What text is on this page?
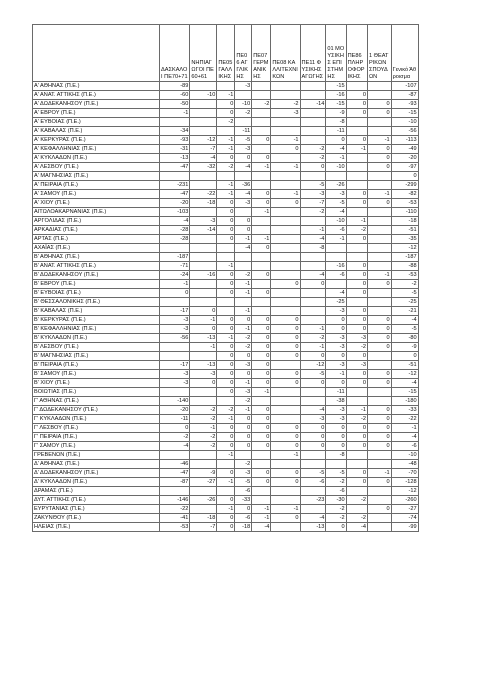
	ΔΑΣΚΑΛΟΙ ΠΕ70+71	ΝΗΠΙΑΓΩΓΟΙ ΠΕ60+61	ΠΕ05 ΓΑΛΛΙΚΗΣ	ΠΕ06 ΑΓΓΛΙΚΗΣ	ΠΕ07 ΓΕΡΜΑΝΙΚΗΣ	ΠΕ08 ΚΑΛΛΙΤΕΧΝΙΚΩΝ	ΠΕ11 ΦΥΣΙΚΗΣ ΑΓΩΓΗΣ	01 ΜΟΥΣΙΚΗΣ ΕΠΙΣΤΗΜΗΣ	ΠΕ86 ΠΛΗΡΟΦΟΡΙΚΗΣ	1 ΘΕΑΤΡΙΚΩΝ ΣΠΟΥΔΩΝ	Γενικό Άθροισμα
Α' ΑΘΗΝΑΣ (Π.Ε.)	-89			-3				-15			-107
Α' ΑΝΑΤ. ΑΤΤΙΚΗΣ (Π.Ε.)	-60	-10	-1					-16	0		-87
Α' ΔΩΔΕΚΑΝΗΣΟΥ (Π.Ε.)	-50		0	-10	-2	-2	-14	-15	0	0	-93
Α' ΕΒΡΟΥ (Π.Ε.)	-1		0	-2		-3		-9	0	0	-15
Α' ΕΥΒΟΙΑΣ (Π.Ε.)			-2					-8			-10
Α' ΚΑΒΑΛΑΣ (Π.Ε.)	-34			-11				-11			-56
Α' ΚΕΡΚΥΡΑΣ (Π.Ε.)	-93	-12	-1	-5	0	-1		0	0	-1	-113
Α' ΚΕΦΑΛΛΗΝΙΑΣ (Π.Ε.)	-31	-7	-1	-3		0	-2	-4	-1	0	-49
Α' ΚΥΚΛΑΔΩΝ (Π.Ε.)	-13	-4	0	0	0		-2	-1		0	-20
Α' ΛΕΣΒΟΥ (Π.Ε.)	-47	-32	-2	-4	-1	-1	0	-10		0	-97
Α' ΜΑΓΝΗΣΙΑΣ (Π.Ε.)											0
Α' ΠΕΙΡΑΙΑ (Π.Ε.)	-231		-1	-36			-5	-26			-299
Α' ΣΑΜΟΥ (Π.Ε.)	-47	-22	-1	-4	0	-1	-3	-3	0	-1	-82
Α' ΧΙΟΥ (Π.Ε.)	-20	-18	0	-3	0	0	-7	-5	0	0	-53
ΑΙΤΩΛΟΑΚΑΡΝΑΝΙΑΣ (Π.Ε.)	-103		0		-1		-2	-4			-110
ΑΡΓΟΛΙΔΑΣ (Π.Ε.)	-4	-3	0	0				-10	-1		-18
ΑΡΚΑΔΙΑΣ (Π.Ε.)	-28	-14	0	0			-1	-6	-2		-51
ΑΡΤΑΣ (Π.Ε.)	-28		0	-1	-1		-4	-1	0		-35
ΑΧΑΪΑΣ (Π.Ε.)				-4	0		-8				-12
Β' ΑΘΗΝΑΣ (Π.Ε.)	-187										-187
Β' ΑΝΑΤ. ΑΤΤΙΚΗΣ (Π.Ε.)	-71		-1					-16	0		-88
Β' ΔΩΔΕΚΑΝΗΣΟΥ (Π.Ε.)	-24	-16	0	-2	0		-4	-6	0	-1	-53
Β' ΕΒΡΟΥ (Π.Ε.)	-1		0	-1		0	0		0	0	-2
Β' ΕΥΒΟΙΑΣ (Π.Ε.)	0		0	-1	0			-4	0		-5
Β' ΘΕΣΣΑΛΟΝΙΚΗΣ (Π.Ε.)								-25			-25
Β' ΚΑΒΑΛΑΣ (Π.Ε.)	-17	0		-1				-3	0		-21
Β' ΚΕΡΚΥΡΑΣ (Π.Ε.)	-3	-1	0	0	0	0		0	0	0	-4
Β' ΚΕΦΑΛΛΗΝΙΑΣ (Π.Ε.)	-3	0	0	-1	0	0	-1	0	0	0	-5
Β' ΚΥΚΛΑΔΩΝ (Π.Ε.)	-56	-13	-1	-2	0	0	-2	-3	-3	0	-80
Β' ΛΕΣΒΟΥ (Π.Ε.)		-1	0	-2	0	0	-1	-3	-2	0	-9
Β' ΜΑΓΝΗΣΙΑΣ (Π.Ε.)			0	0	0	0	0	0	0		0
Β' ΠΕΙΡΑΙΑ (Π.Ε.)	-17	-13	0	-3	0		-12	-3	-3		-51
Β' ΣΑΜΟΥ (Π.Ε.)	-3	-3	0	0	0	0	-5	-1	0	0	-12
Β' ΧΙΟΥ (Π.Ε.)	-3	0	0	-1	0	0	0	0	0	0	-4
ΒΟΙΩΤΙΑΣ (Π.Ε.)			0	-3	-1			-11			-15
Γ' ΑΘΗΝΑΣ (Π.Ε.)	-140			-2				-38			-180
Γ' ΔΩΔΕΚΑΝΗΣΟΥ (Π.Ε.)	-20	-2	-2	-1	0		-4	-3	-1	0	-33
Γ' ΚΥΚΛΑΔΩΝ (Π.Ε.)	-11	-2	-1	0	0		-3	-3	-2	0	-22
Γ' ΛΕΣΒΟΥ (Π.Ε.)	0	-1	0	0	0	0	0	0	0	0	-1
Γ' ΠΕΙΡΑΙΑ (Π.Ε.)	-2	-2	0	0	0	0	0	0	0	0	-4
Γ' ΣΑΜΟΥ (Π.Ε.)	-4	-2	0	0	0	0	0	0	0	0	-6
ΓΡΕΒΕΝΩΝ (Π.Ε.)			-1			-1		-8			-10
Δ' ΑΘΗΝΑΣ (Π.Ε.)	-46			-2							-48
Δ' ΔΩΔΕΚΑΝΗΣΟΥ (Π.Ε.)	-47	-9	0	-3	0	0	-5	-5	0	-1	-70
Δ' ΚΥΚΛΑΔΩΝ (Π.Ε.)	-87	-27	-1	-5	0	0	-6	-2	0	0	-128
ΔΡΑΜΑΣ (Π.Ε.)				-6				-6			-12
ΔΥΤ. ΑΤΤΙΚΗΣ (Π.Ε.)	-146	-26	0	-33			-23	-30	-2		-260
ΕΥΡΥΤΑΝΙΑΣ (Π.Ε.)	-22		-1	0	-1	-1		-2		0	-27
ΖΑΚΥΝΘΟΥ (Π.Ε.)	-41	-18	0	-6	-1	0	-4	-2	-2		-74
ΗΛΕΙΑΣ (Π.Ε.)	-53	-7	0	-18	-4		-13	0	-4		-99
